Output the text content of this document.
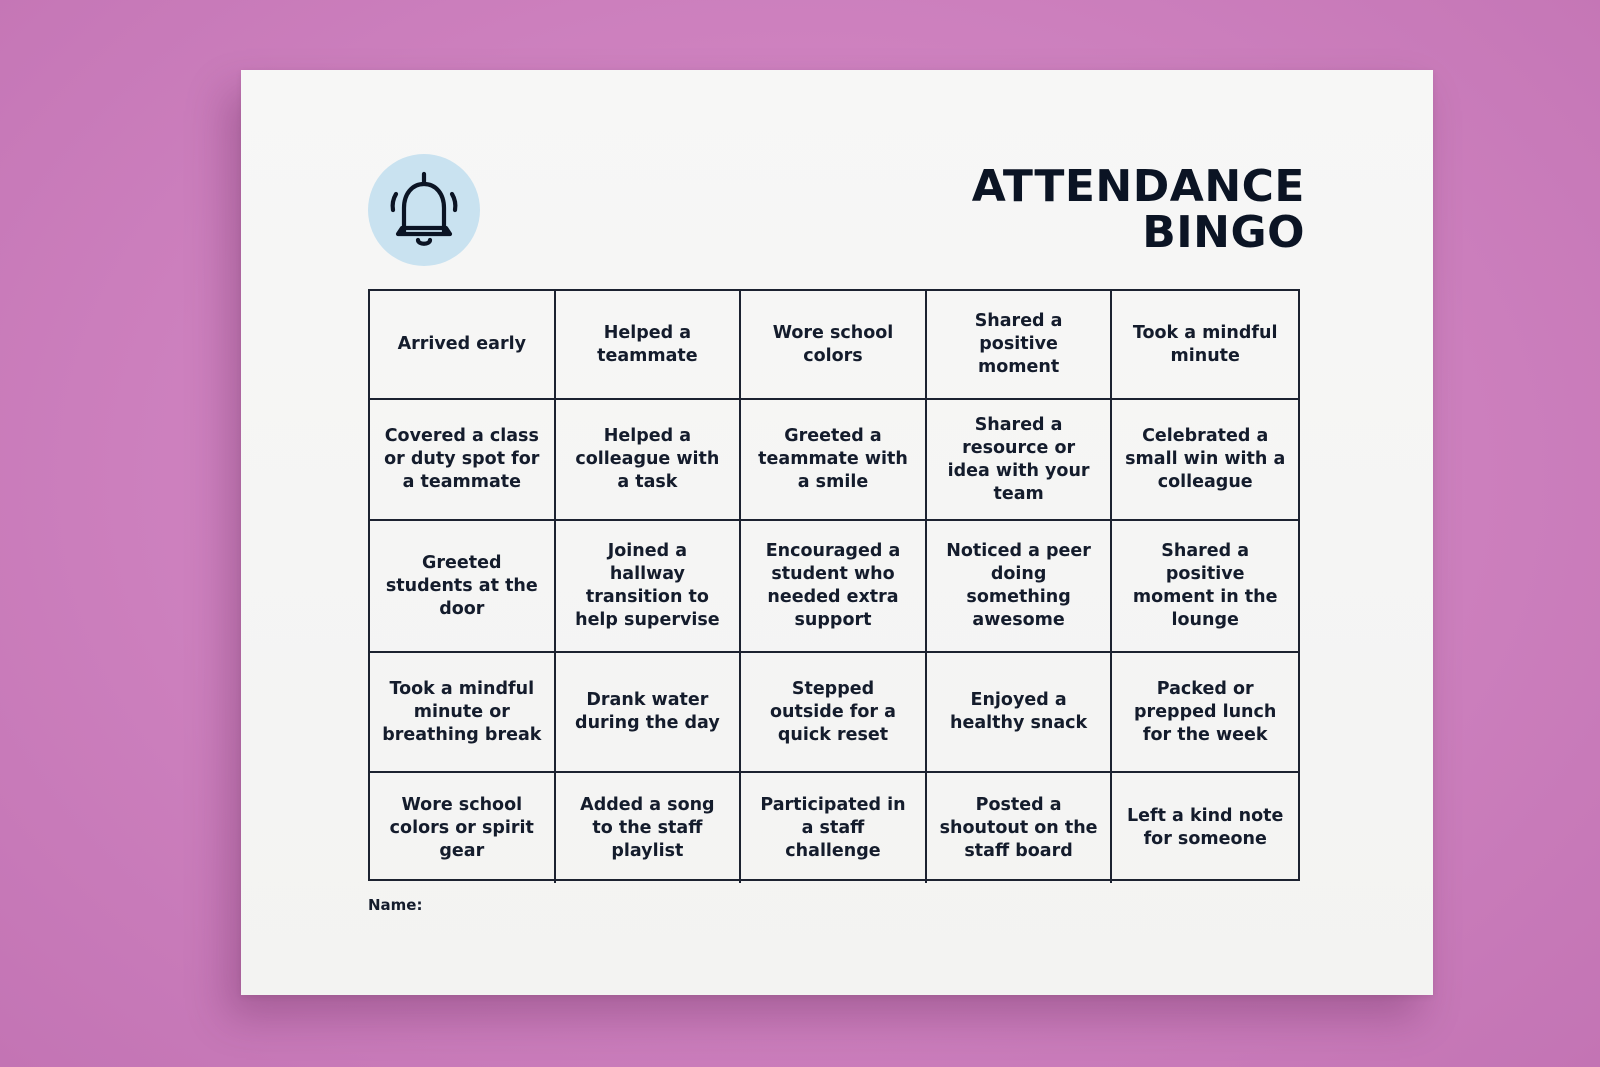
ATTENDANCE
BINGO
Arrived early
Helped a teammate
Wore school colors
Shared a positive moment
Took a mindful minute
Covered a class or duty spot for a teammate
Helped a colleague with a task
Greeted a teammate with a smile
Shared a resource or idea with your team
Celebrated a small win with a colleague
Greeted students at the door
Joined a hallway transition to help supervise
Encouraged a student who needed extra support
Noticed a peer doing something awesome
Shared a positive moment in the lounge
Took a mindful minute or breathing break
Drank water during the day
Stepped outside for a quick reset
Enjoyed a healthy snack
Packed or prepped lunch for the week
Wore school colors or spirit gear
Added a song to the staff playlist
Participated in a staff challenge
Posted a shoutout on the staff board
Left a kind note for someone
Name:
